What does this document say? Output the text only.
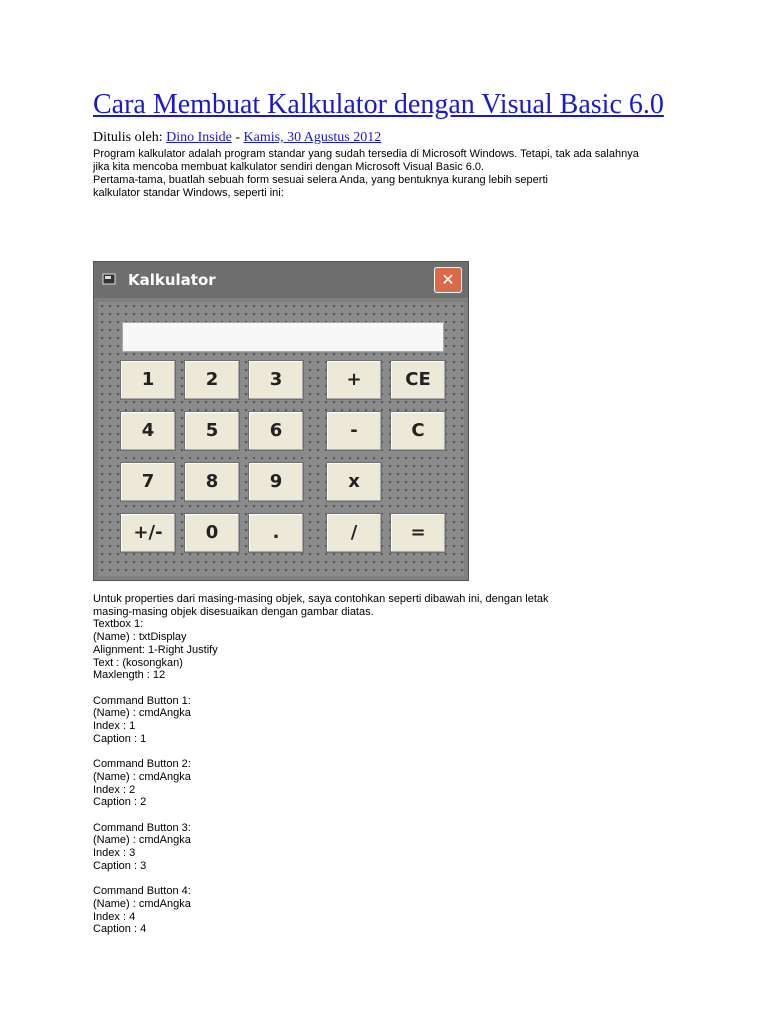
Cara Membuat Kalkulator dengan Visual Basic 6.0
Ditulis oleh: Dino Inside - Kamis, 30 Agustus 2012

Program kalkulator adalah program standar yang sudah tersedia di Microsoft Windows. Tetapi, tak ada salahnya

jika kita mencoba membuat kalkulator sendiri dengan Microsoft Visual Basic 6.0.

Pertama-tama, buatlah sebuah form sesuai selera Anda, yang bentuknya kurang lebih seperti

kalkulator standar Windows, seperti ini:

Kalkulator	✕
1	2	3	+	CE
4	5	6	-	C
7	8	9	x
+/-	0	.	/	=

Untuk properties dari masing-masing objek, saya contohkan seperti dibawah ini, dengan letak

masing-masing objek disesuaikan dengan gambar diatas.

Textbox 1:

(Name) : txtDisplay

Alignment: 1-Right Justify

Text : (kosongkan)

Maxlength : 12

Command Button 1:

(Name) : cmdAngka

Index : 1

Caption : 1

Command Button 2:

(Name) : cmdAngka

Index : 2

Caption : 2

Command Button 3:

(Name) : cmdAngka

Index : 3

Caption : 3

Command Button 4:

(Name) : cmdAngka

Index : 4

Caption : 4
